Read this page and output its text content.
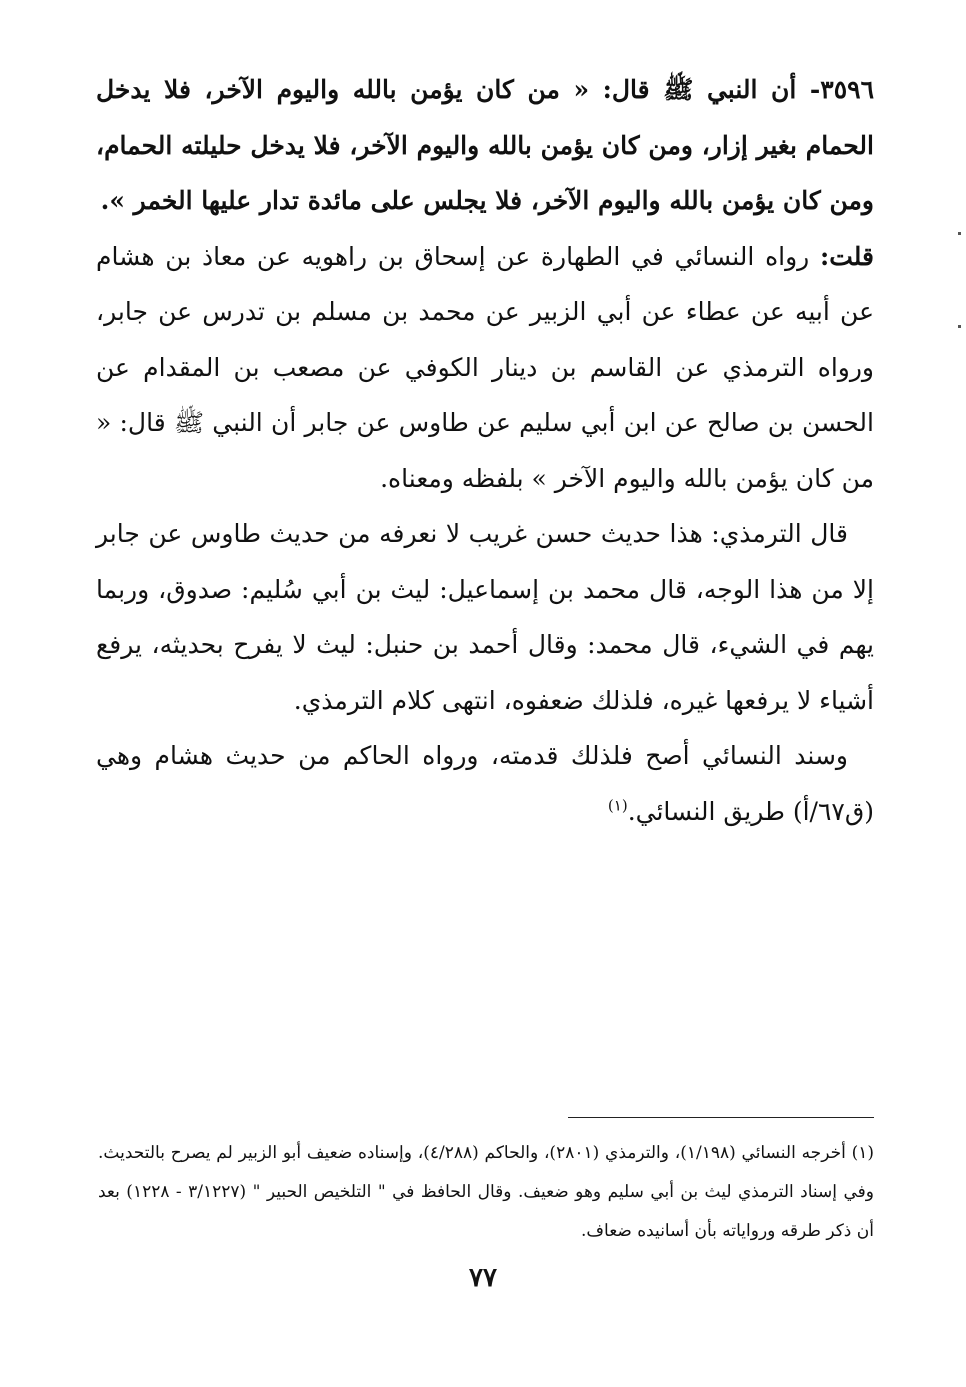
٣٥٩٦- أن النبي ﷺ قال: « من كان يؤمن بالله واليوم الآخر، فلا يدخل الحمام بغير إزار، ومن كان يؤمن بالله واليوم الآخر، فلا يدخل حليلته الحمام، ومن كان يؤمن بالله واليوم الآخر، فلا يجلس على مائدة تدار عليها الخمر ».

قلت: رواه النسائي في الطهارة عن إسحاق بن راهويه عن معاذ بن هشام عن أبيه عن عطاء عن أبي الزبير عن محمد بن مسلم بن تدرس عن جابر، ورواه الترمذي عن القاسم بن دينار الكوفي عن مصعب بن المقدام عن الحسن بن صالح عن ابن أبي سليم عن طاوس عن جابر أن النبي ﷺ قال: « من كان يؤمن بالله واليوم الآخر » بلفظه ومعناه.

قال الترمذي: هذا حديث حسن غريب لا نعرفه من حديث طاوس عن جابر إلا من هذا الوجه، قال محمد بن إسماعيل: ليث بن أبي سُليم: صدوق، وربما يهم في الشيء، قال محمد: وقال أحمد بن حنبل: ليث لا يفرح بحديثه، يرفع أشياء لا يرفعها غيره، فلذلك ضعفوه، انتهى كلام الترمذي.

وسند النسائي أصح فلذلك قدمته، ورواه الحاكم من حديث هشام وهي (ق٦٧/أ) طريق النسائي.$^{(١)}$

(١) أخرجه النسائي (١/١٩٨)، والترمذي (٢٨٠١)، والحاكم (٤/٢٨٨)، وإسناده ضعيف أبو الزبير لم يصرح بالتحديث. وفي إسناد الترمذي ليث بن أبي سليم وهو ضعيف. وقال الحافظ في " التلخيص الحبير " (٣/١٢٢٧ - ١٢٢٨) بعد أن ذكر طرقه ورواياته بأن أسانيده ضعاف.

٧٧
